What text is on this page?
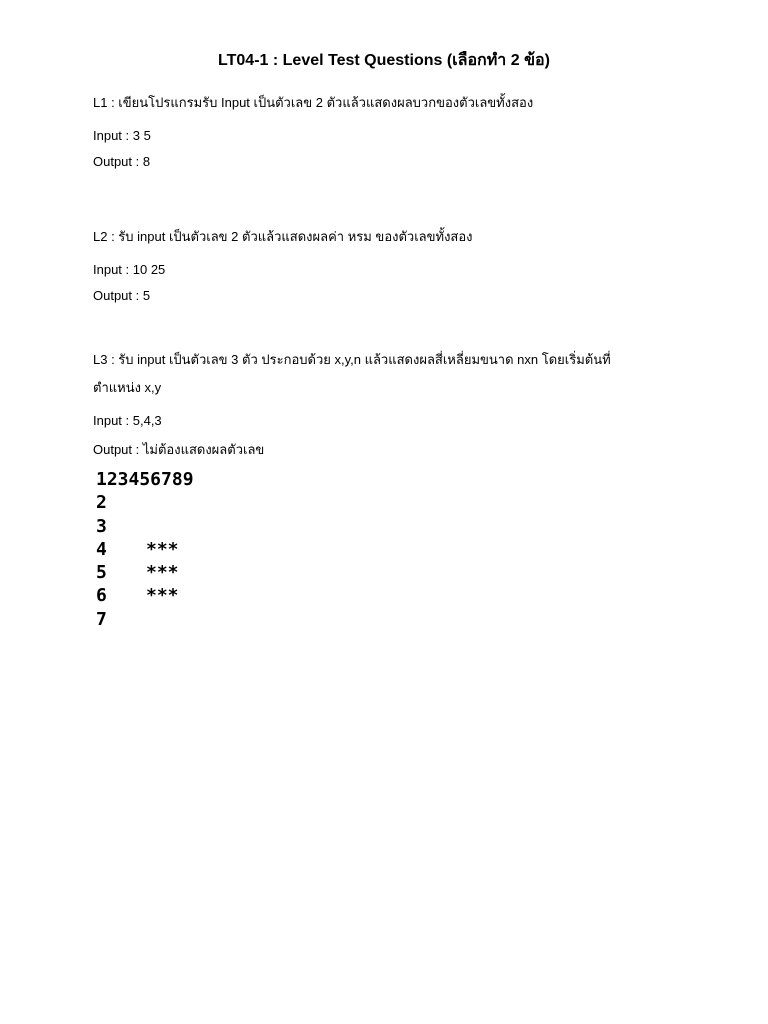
LT04-1 : Level Test Questions (เลือกทำ 2 ข้อ)
L1 : เขียนโปรแกรมรับ Input เป็นตัวเลข 2 ตัวแล้วแสดงผลบวกของตัวเลขทั้งสอง
Input : 3 5
Output : 8
L2 : รับ input เป็นตัวเลข 2 ตัวแล้วแสดงผลค่า หรม ของตัวเลขทั้งสอง
Input : 10 25
Output : 5
L3 : รับ input เป็นตัวเลข 3 ตัว ประกอบด้วย x,y,n แล้วแสดงผลสี่เหลี่ยมขนาด nxn โดยเริ่มต้นที่
ตำแหน่ง x,y
Input : 5,4,3
Output : ไม่ต้องแสดงผลตัวเลข
123456789
2
3
4 ***
5 ***
6 ***
7
